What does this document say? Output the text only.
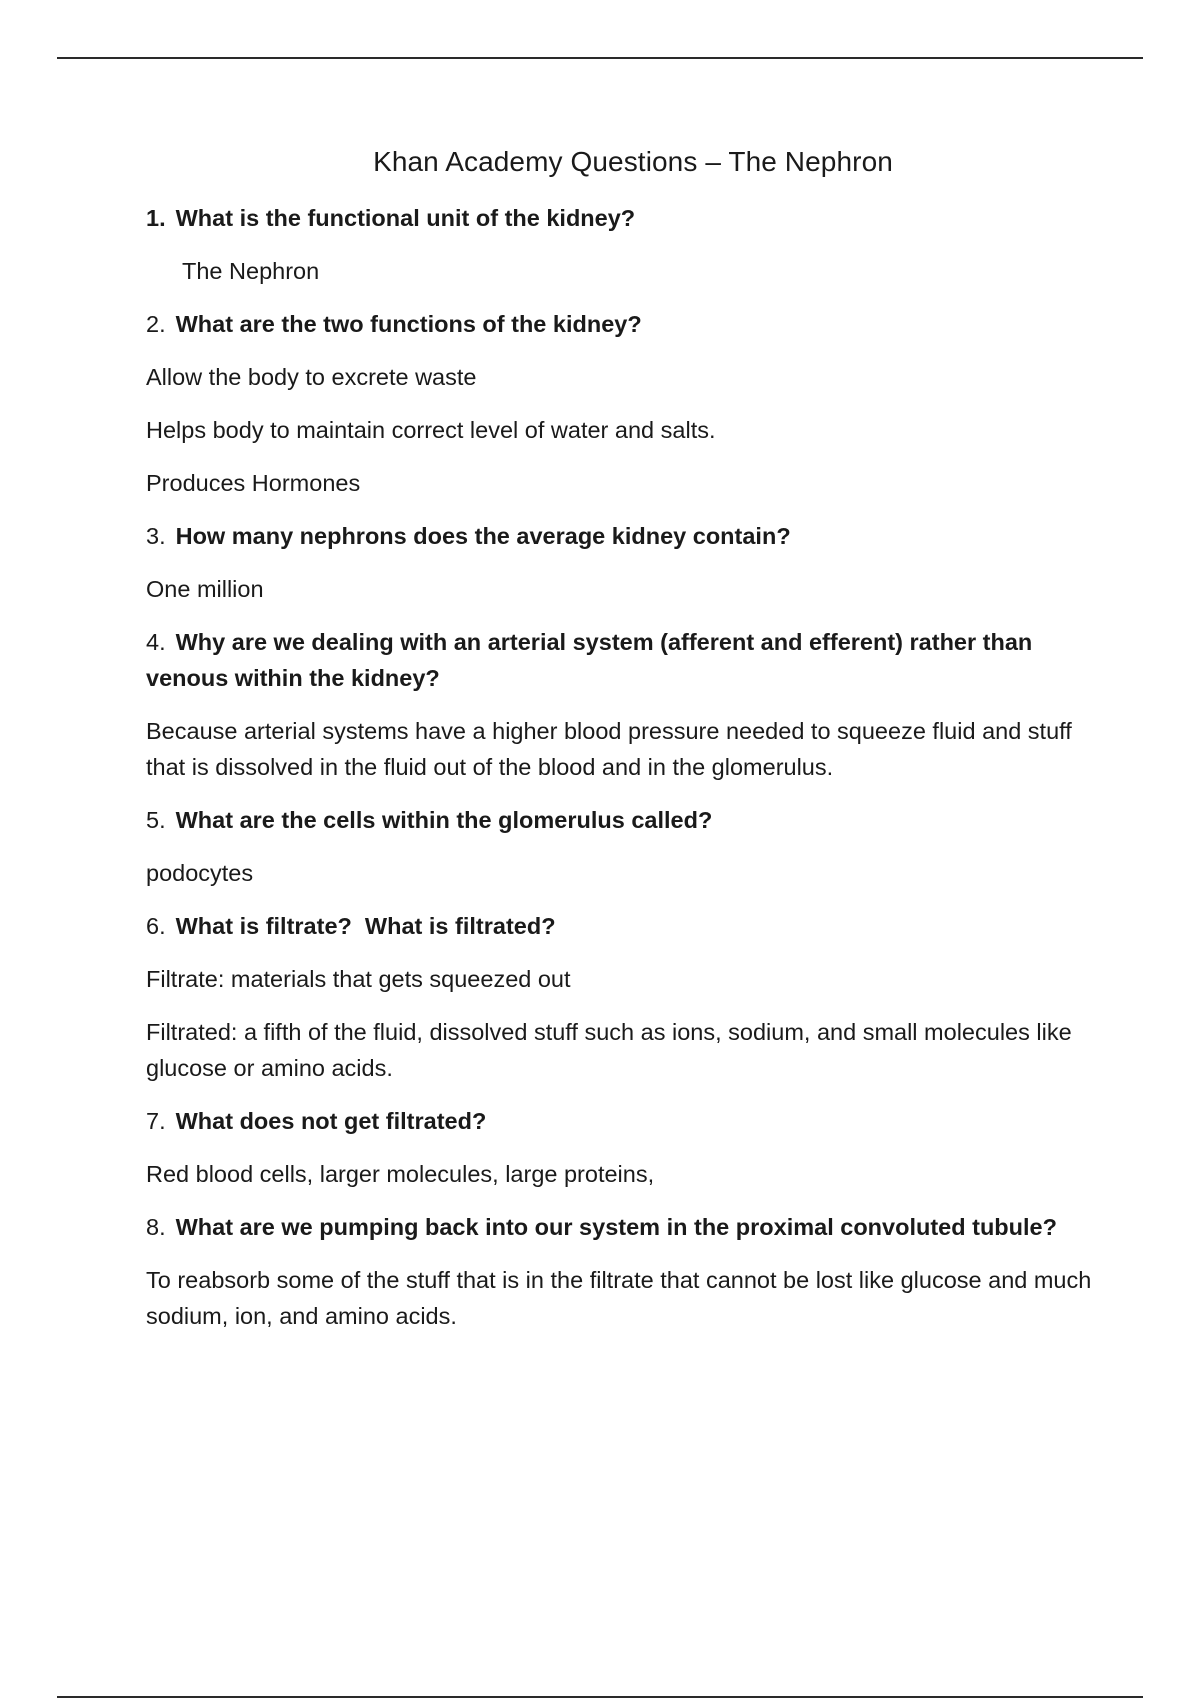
Khan Academy Questions – The Nephron
1. What is the functional unit of the kidney?
The Nephron
2. What are the two functions of the kidney?
Allow the body to excrete waste
Helps body to maintain correct level of water and salts.
Produces Hormones
3. How many nephrons does the average kidney contain?
One million
4. Why are we dealing with an arterial system (afferent and efferent) rather than venous within the kidney?
Because arterial systems have a higher blood pressure needed to squeeze fluid and stuff that is dissolved in the fluid out of the blood and in the glomerulus.
5. What are the cells within the glomerulus called?
podocytes
6. What is filtrate?  What is filtrated?
Filtrate: materials that gets squeezed out
Filtrated: a fifth of the fluid, dissolved stuff such as ions, sodium, and small molecules like glucose or amino acids.
7. What does not get filtrated?
Red blood cells, larger molecules, large proteins,
8. What are we pumping back into our system in the proximal convoluted tubule?
To reabsorb some of the stuff that is in the filtrate that cannot be lost like glucose and much sodium, ion, and amino acids.
